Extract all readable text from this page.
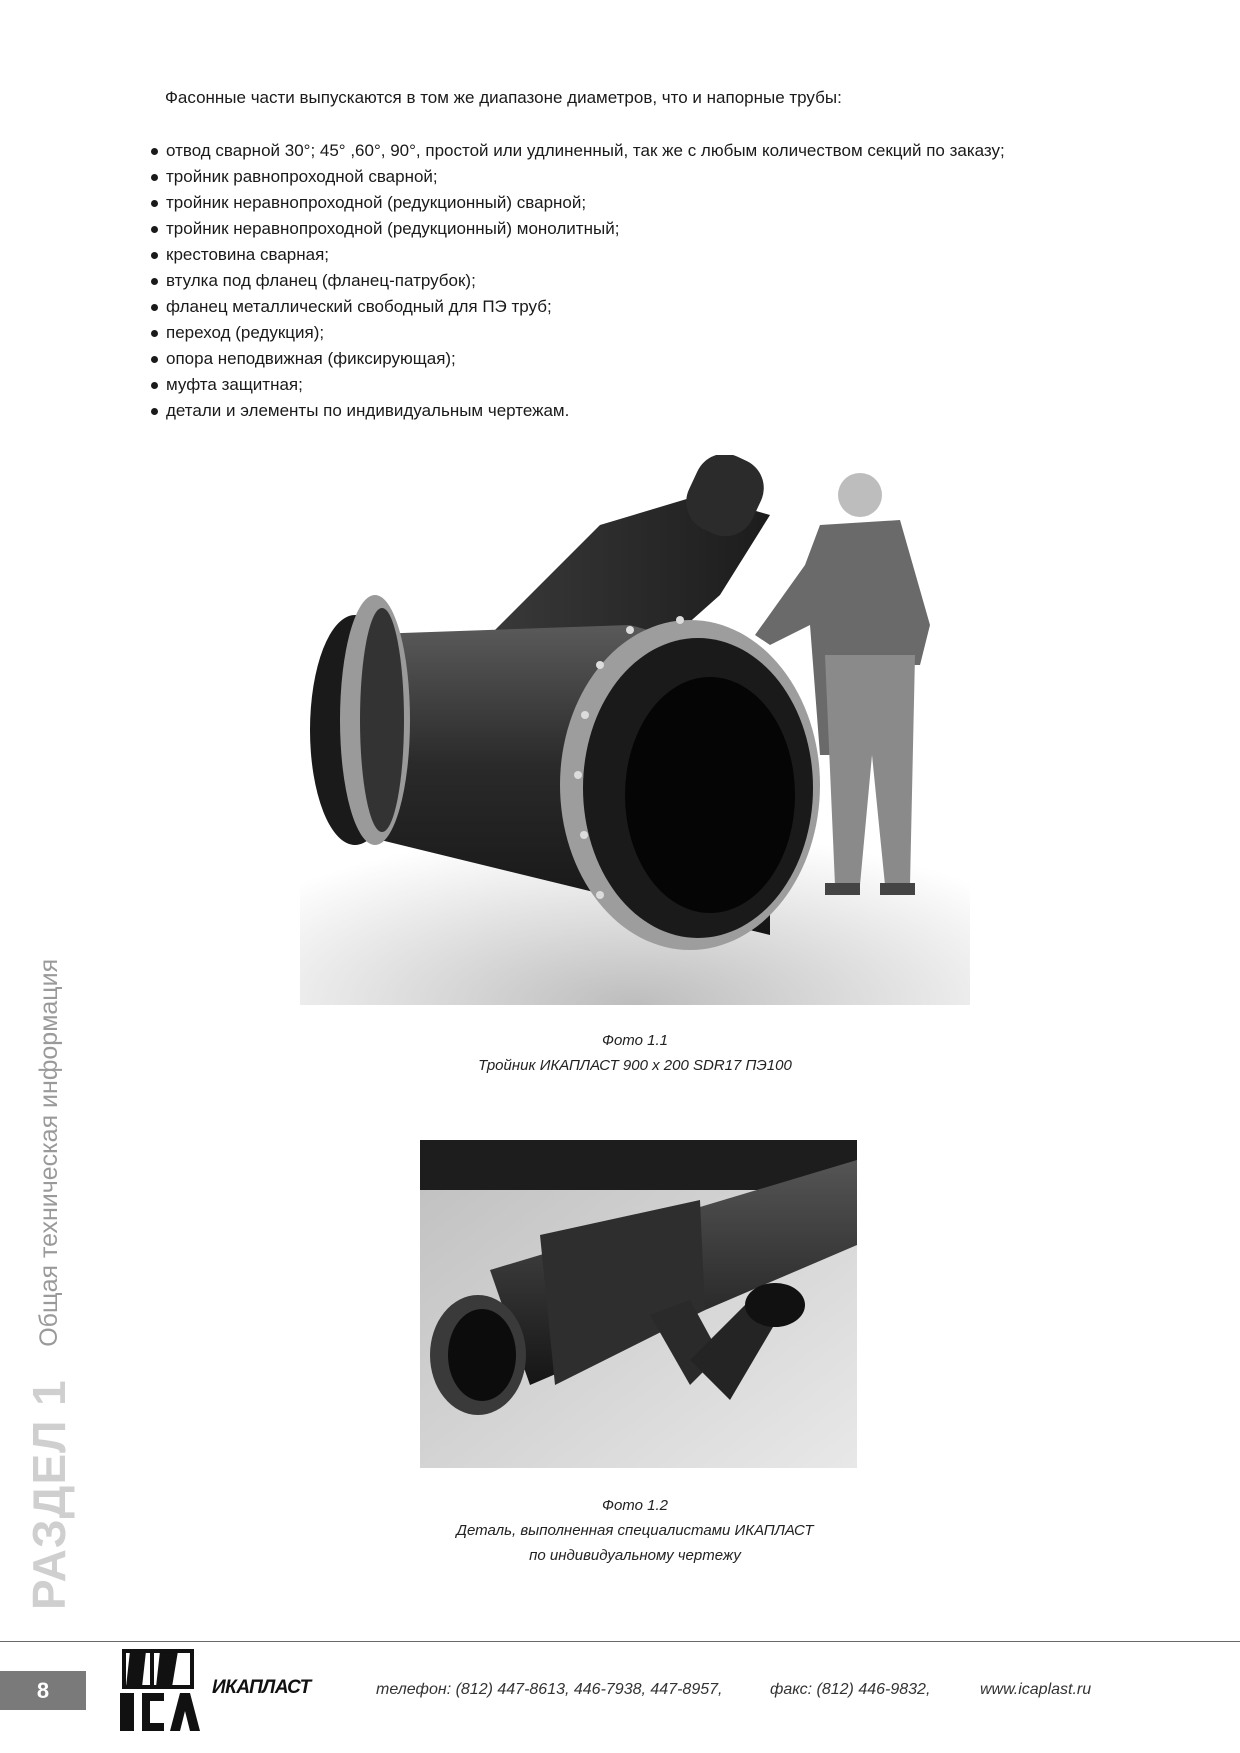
Фасонные части выпускаются в том же диапазоне диаметров, что и напорные трубы:

отвод сварной 30°; 45° ,60°, 90°, простой или удлиненный, так же с любым количеством секций по заказу;
тройник равнопроходной сварной;
тройник неравнопроходной (редукционный) сварной;
тройник неравнопроходной (редукционный) монолитный;
крестовина сварная;
втулка под фланец (фланец-патрубок);
фланец металлический свободный для ПЭ труб;
переход (редукция);
опора неподвижная (фиксирующая);
муфта защитная;
детали и элементы по индивидуальным чертежам.
Фото 1.1
Тройник ИКАПЛАСТ 900 х 200 SDR17 ПЭ100
Фото 1.2
Деталь, выполненная специалистами ИКАПЛАСТ
по индивидуальному чертежу
РАЗДЕЛ 1 Общая техническая информация
8	ИКАПЛАСТ	телефон: (812) 447-8613, 446-7938, 447-8957,	факс: (812) 446-9832,	www.icaplast.ru
